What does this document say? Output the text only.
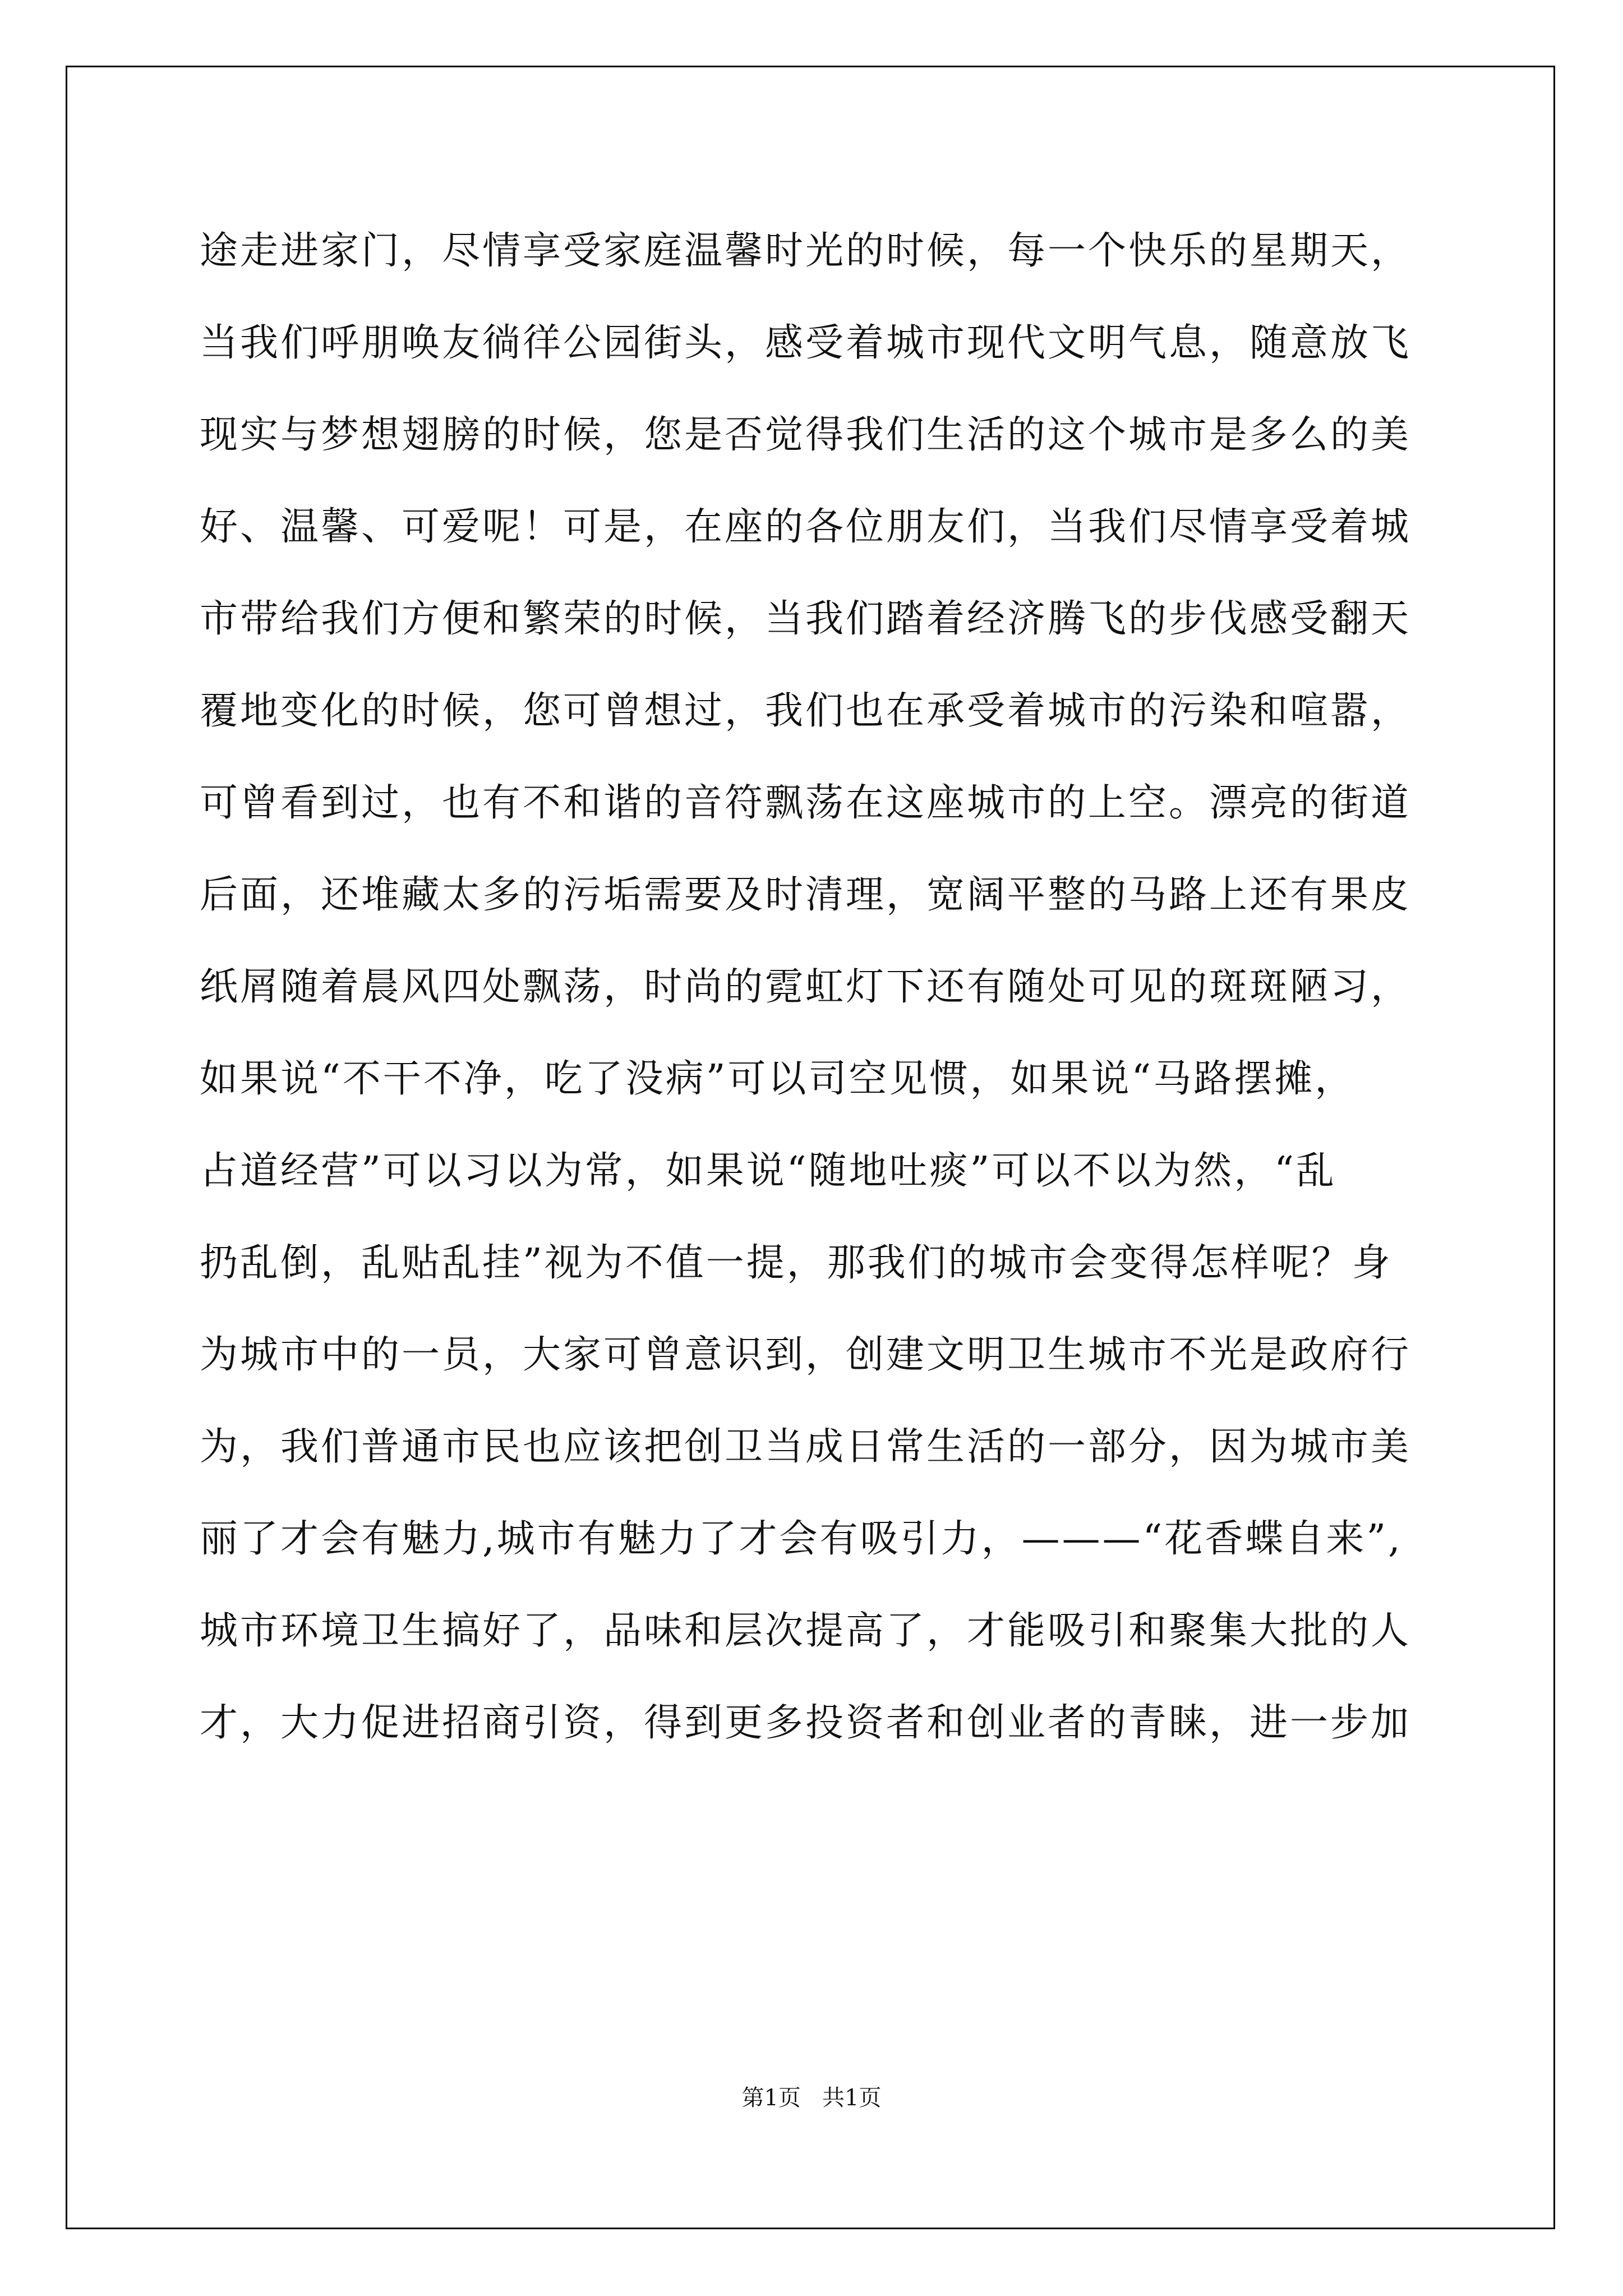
途走进家门，尽情享受家庭温馨时光的时候，每一个快乐的星期天，
当我们呼朋唤友徜徉公园街头，感受着城市现代文明气息，随意放飞
现实与梦想翅膀的时候，您是否觉得我们生活的这个城市是多么的美
好、温馨、可爱呢！可是，在座的各位朋友们，当我们尽情享受着城
市带给我们方便和繁荣的时候，当我们踏着经济腾飞的步伐感受翻天
覆地变化的时候，您可曾想过，我们也在承受着城市的污染和喧嚣，
可曾看到过，也有不和谐的音符飘荡在这座城市的上空。漂亮的街道
后面，还堆藏太多的污垢需要及时清理，宽阔平整的马路上还有果皮
纸屑随着晨风四处飘荡，时尚的霓虹灯下还有随处可见的斑斑陋习，
如果说“不干不净，吃了没病”可以司空见惯，如果说“马路摆摊，
占道经营”可以习以为常，如果说“随地吐痰”可以不以为然，“乱
扔乱倒，乱贴乱挂”视为不值一提，那我们的城市会变得怎样呢？身
为城市中的一员，大家可曾意识到，创建文明卫生城市不光是政府行
为，我们普通市民也应该把创卫当成日常生活的一部分，因为城市美
丽了才会有魅力,城市有魅力了才会有吸引力，———“花香蝶自来”,
城市环境卫生搞好了，品味和层次提高了，才能吸引和聚集大批的人
才，大力促进招商引资，得到更多投资者和创业者的青睐，进一步加
第1页   共1页
